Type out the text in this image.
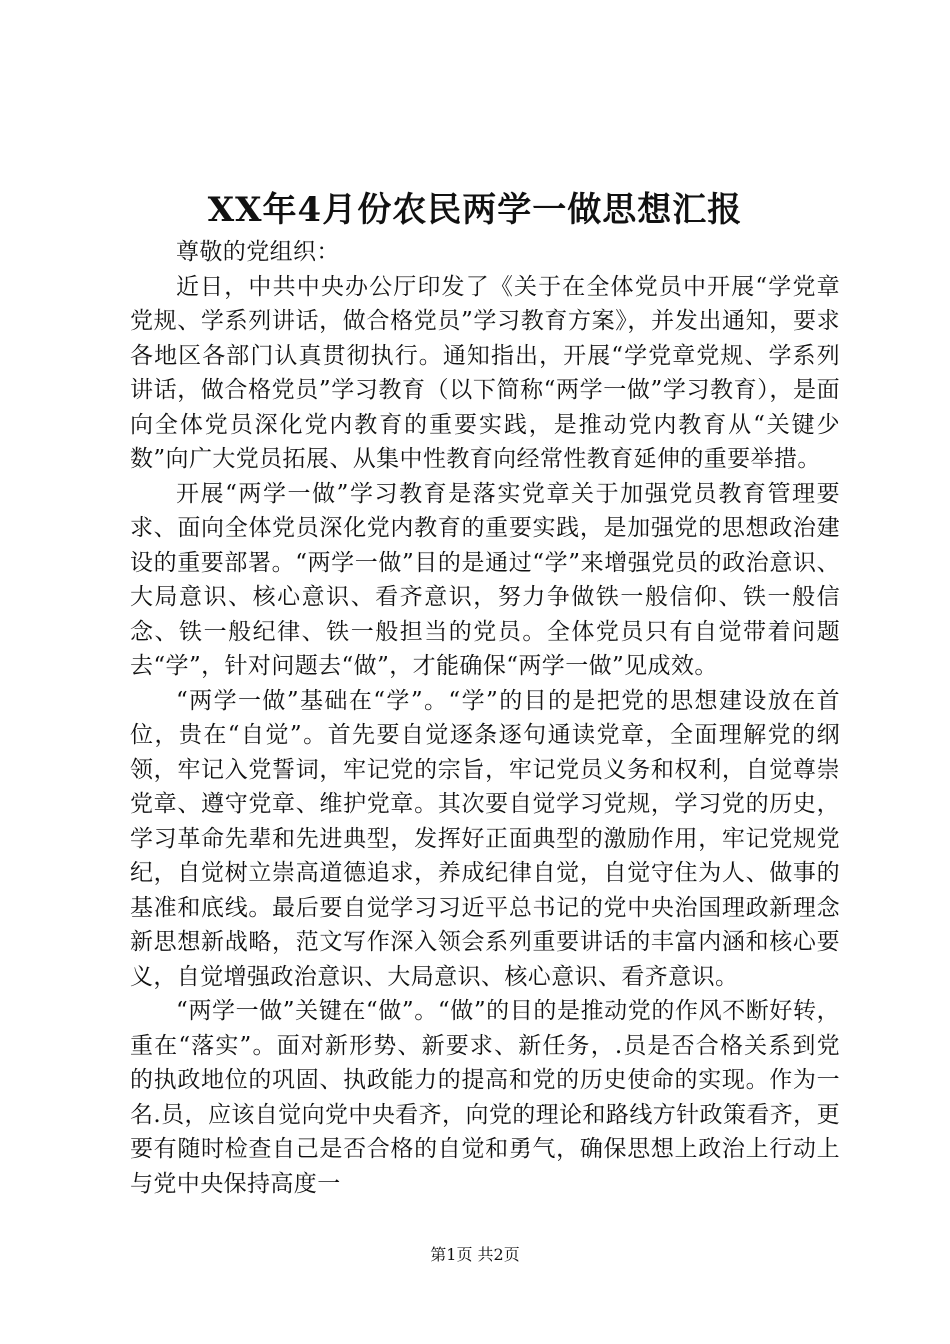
XX年4月份农民两学一做思想汇报

尊敬的党组织：

近日，中共中央办公厅印发了《关于在全体党员中开展“学党章党规、学系列讲话，做合格党员”学习教育方案》，并发出通知，要求各地区各部门认真贯彻执行。通知指出，开展“学党章党规、学系列讲话，做合格党员”学习教育（以下简称“两学一做”学习教育），是面向全体党员深化党内教育的重要实践，是推动党内教育从“关键少数”向广大党员拓展、从集中性教育向经常性教育延伸的重要举措。

开展“两学一做”学习教育是落实党章关于加强党员教育管理要求、面向全体党员深化党内教育的重要实践，是加强党的思想政治建设的重要部署。“两学一做”目的是通过“学”来增强党员的政治意识、大局意识、核心意识、看齐意识，努力争做铁一般信仰、铁一般信念、铁一般纪律、铁一般担当的党员。全体党员只有自觉带着问题去“学”，针对问题去“做”，才能确保“两学一做”见成效。

“两学一做”基础在“学”。“学”的目的是把党的思想建设放在首位，贵在“自觉”。首先要自觉逐条逐句通读党章，全面理解党的纲领，牢记入党誓词，牢记党的宗旨，牢记党员义务和权利，自觉尊崇党章、遵守党章、维护党章。其次要自觉学习党规，学习党的历史，学习革命先辈和先进典型，发挥好正面典型的激励作用，牢记党规党纪，自觉树立崇高道德追求，养成纪律自觉，自觉守住为人、做事的基准和底线。最后要自觉学习习近平总书记的党中央治国理政新理念新思想新战略，范文写作深入领会系列重要讲话的丰富内涵和核心要义，自觉增强政治意识、大局意识、核心意识、看齐意识。

“两学一做”关键在“做”。“做”的目的是推动党的作风不断好转，重在“落实”。面对新形势、新要求、新任务，.员是否合格关系到党的执政地位的巩固、执政能力的提高和党的历史使命的实现。作为一名.员，应该自觉向党中央看齐，向党的理论和路线方针政策看齐，更要有随时检查自己是否合格的自觉和勇气，确保思想上政治上行动上与党中央保持高度一

第1页 共2页
